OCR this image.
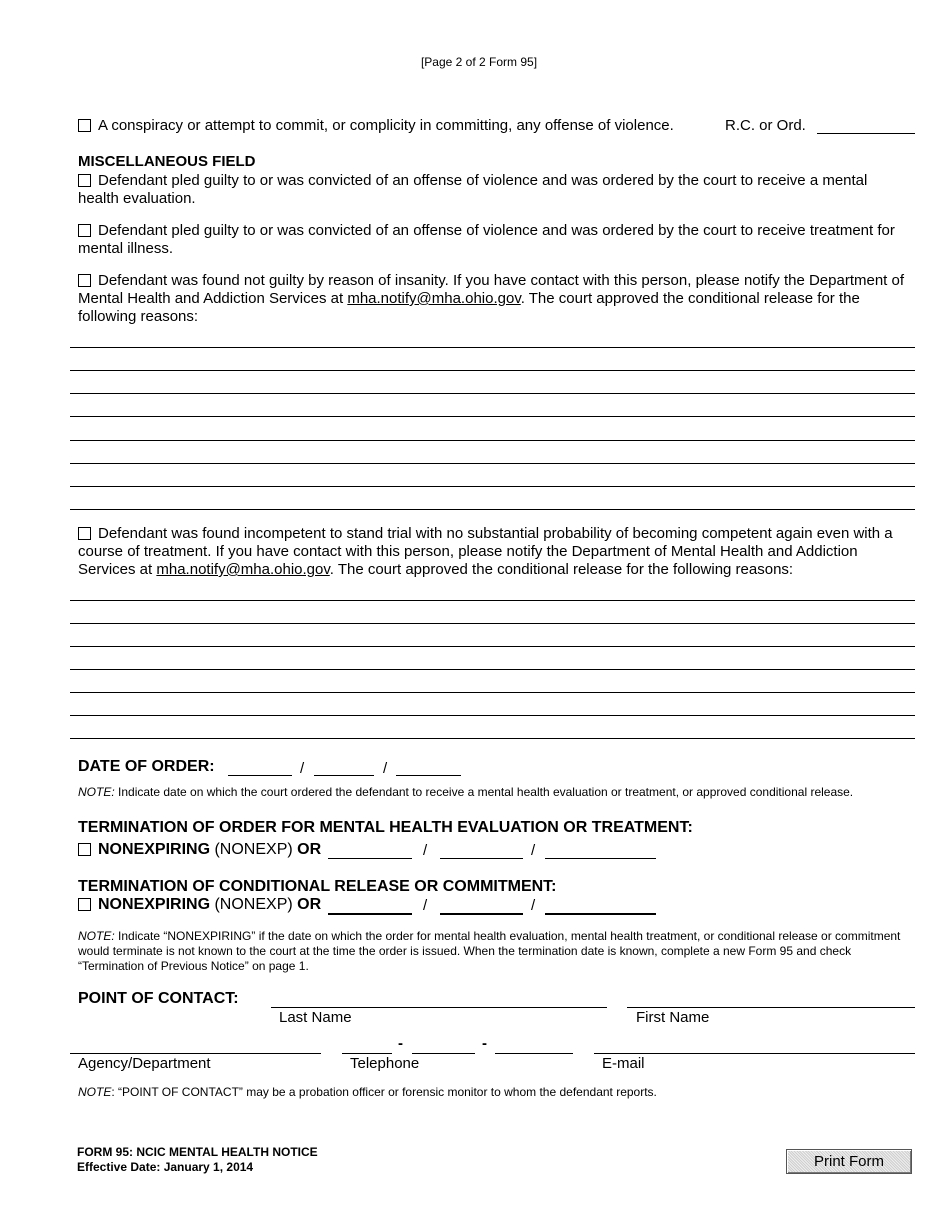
[Page 2 of 2 Form 95]
A conspiracy or attempt to commit, or complicity in committing, any offense of violence.	R.C. or Ord.
MISCELLANEOUS FIELD
Defendant pled guilty to or was convicted of an offense of violence and was ordered by the court to receive a mental health evaluation.
Defendant pled guilty to or was convicted of an offense of violence and was ordered by the court to receive treatment for mental illness.
Defendant was found not guilty by reason of insanity. If you have contact with this person, please notify the Department of Mental Health and Addiction Services at mha.notify@mha.ohio.gov. The court approved the conditional release for the following reasons:
Defendant was found incompetent to stand trial with no substantial probability of becoming competent again even with a course of treatment. If you have contact with this person, please notify the Department of Mental Health and Addiction Services at mha.notify@mha.ohio.gov. The court approved the conditional release for the following reasons:
DATE OF ORDER:	/	/
NOTE: Indicate date on which the court ordered the defendant to receive a mental health evaluation or treatment, or approved conditional release.
TERMINATION OF ORDER FOR MENTAL HEALTH EVALUATION OR TREATMENT:
NONEXPIRING (NONEXP) OR	/	/
TERMINATION OF CONDITIONAL RELEASE OR COMMITMENT:
NONEXPIRING (NONEXP) OR	/	/
NOTE: Indicate “NONEXPIRING” if the date on which the order for mental health evaluation, mental health treatment, or conditional release or commitment would terminate is not known to the court at the time the order is issued. When the termination date is known, complete a new Form 95 and check “Termination of Previous Notice” on page 1.
POINT OF CONTACT:
Last Name	First Name
-	-
Agency/Department	Telephone	E-mail
NOTE: “POINT OF CONTACT” may be a probation officer or forensic monitor to whom the defendant reports.
FORM 95: NCIC MENTAL HEALTH NOTICE
Effective Date: January 1, 2014	Print Form
